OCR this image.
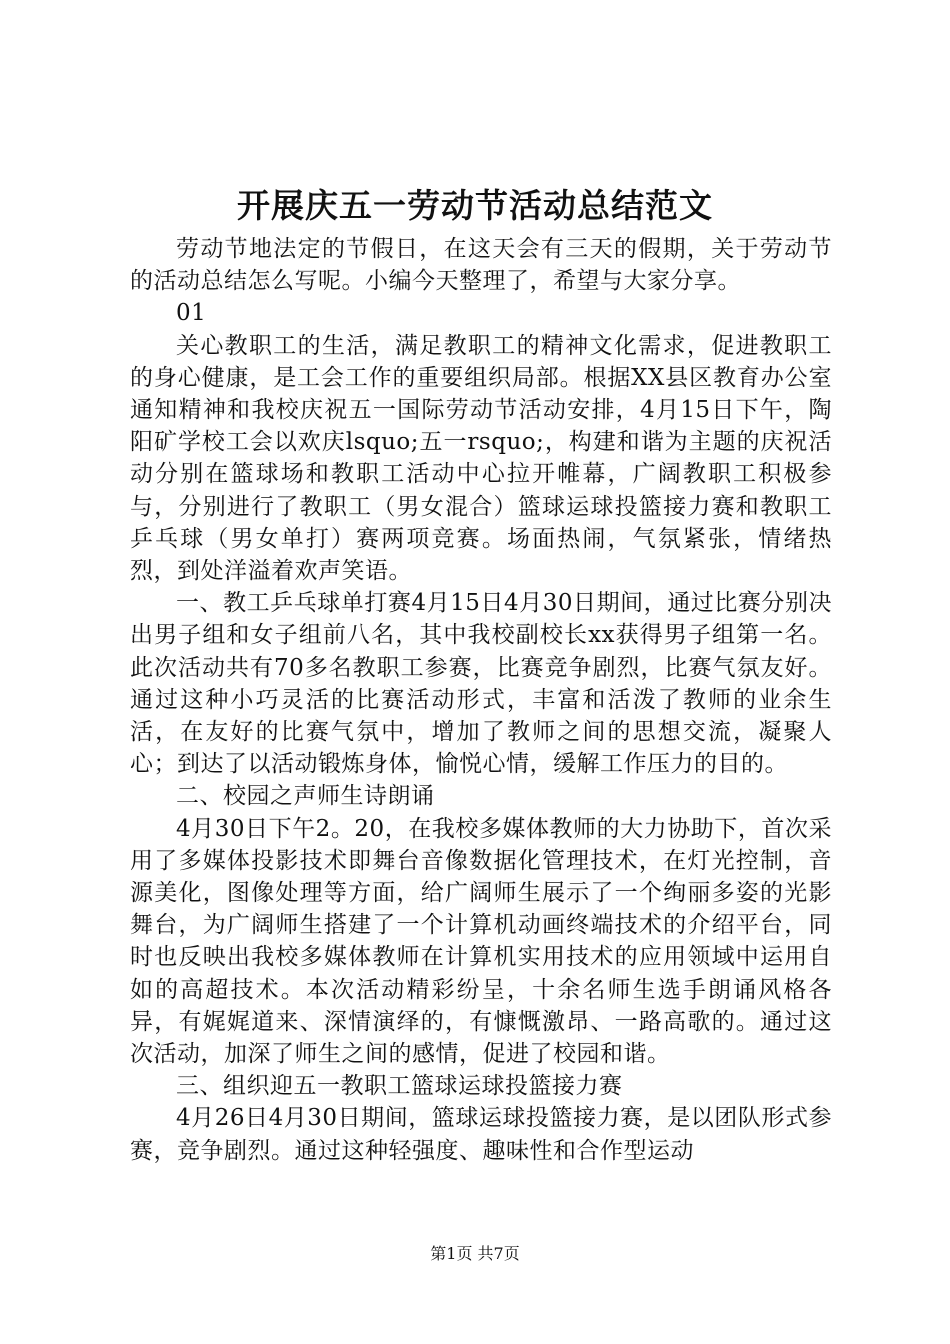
开展庆五一劳动节活动总结范文

劳动节地法定的节假日，在这天会有三天的假期，关于劳动节的活动总结怎么写呢。小编今天整理了，希望与大家分享。

01

关心教职工的生活，满足教职工的精神文化需求，促进教职工的身心健康，是工会工作的重要组织局部。根据XX县区教育办公室通知精神和我校庆祝五一国际劳动节活动安排，4月15日下午，陶阳矿学校工会以欢庆lsquo;五一rsquo;，构建和谐为主题的庆祝活动分别在篮球场和教职工活动中心拉开帷幕，广阔教职工积极参与，分别进行了教职工（男女混合）篮球运球投篮接力赛和教职工乒乓球（男女单打）赛两项竞赛。场面热闹，气氛紧张，情绪热烈，到处洋溢着欢声笑语。

一、教工乒乓球单打赛4月15日4月30日期间，通过比赛分别决出男子组和女子组前八名，其中我校副校长xx获得男子组第一名。此次活动共有70多名教职工参赛，比赛竞争剧烈，比赛气氛友好。通过这种小巧灵活的比赛活动形式，丰富和活泼了教师的业余生活，在友好的比赛气氛中，增加了教师之间的思想交流，凝聚人心；到达了以活动锻炼身体，愉悦心情，缓解工作压力的目的。

二、校园之声师生诗朗诵

4月30日下午2。20，在我校多媒体教师的大力协助下，首次采用了多媒体投影技术即舞台音像数据化管理技术，在灯光控制，音源美化，图像处理等方面，给广阔师生展示了一个绚丽多姿的光影舞台，为广阔师生搭建了一个计算机动画终端技术的介绍平台，同时也反映出我校多媒体教师在计算机实用技术的应用领域中运用自如的高超技术。本次活动精彩纷呈，十余名师生选手朗诵风格各异，有娓娓道来、深情演绎的，有慷慨激昂、一路高歌的。通过这次活动，加深了师生之间的感情，促进了校园和谐。

三、组织迎五一教职工篮球运球投篮接力赛

4月26日4月30日期间，篮球运球投篮接力赛，是以团队形式参赛，竞争剧烈。通过这种轻强度、趣味性和合作型运动

第1页 共7页
